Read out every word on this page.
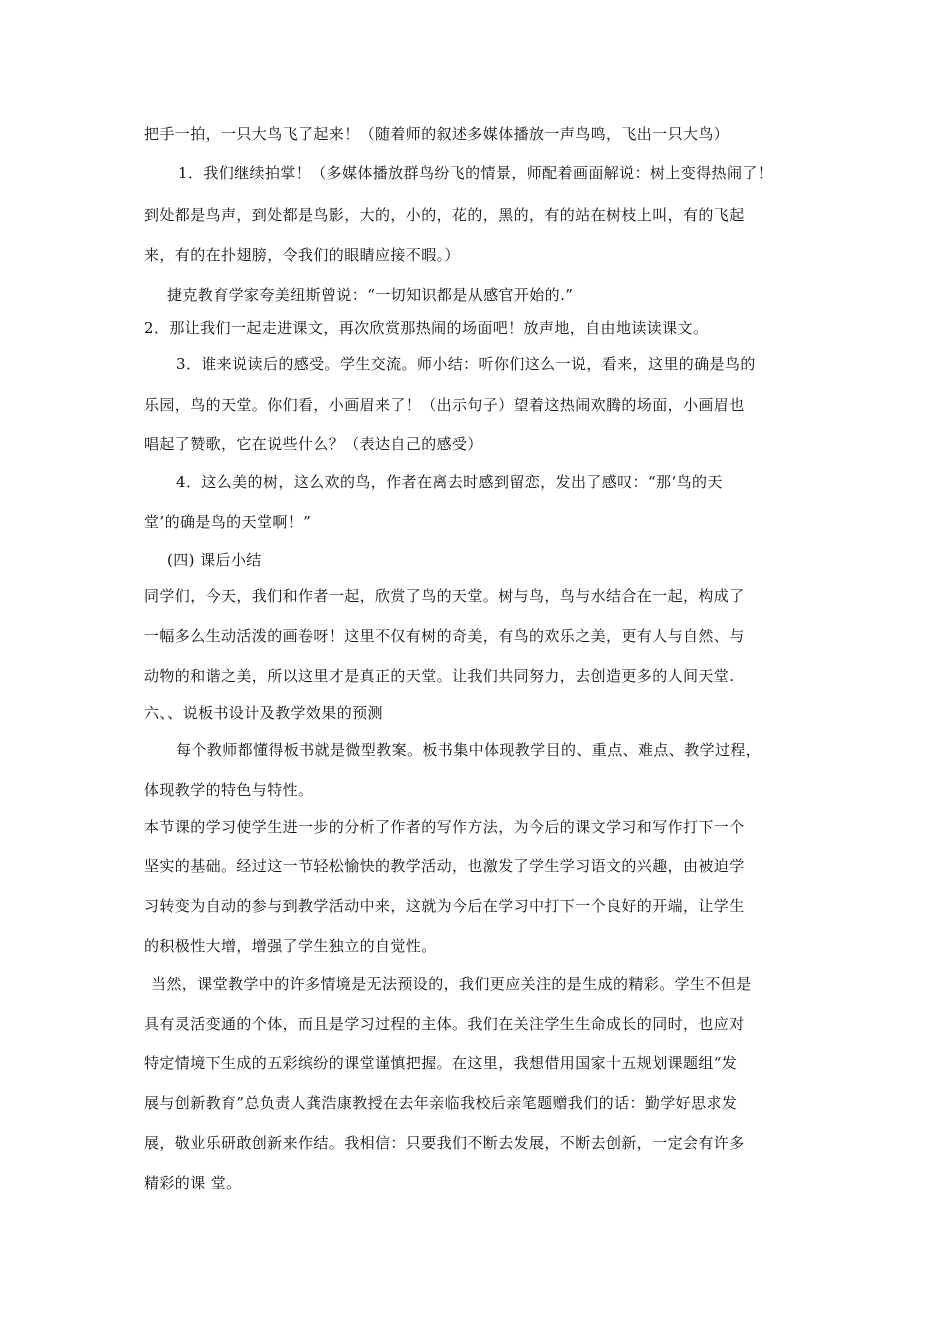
把手一拍，一只大鸟飞了起来！（随着师的叙述多媒体播放一声鸟鸣，飞出一只大鸟）
1．我们继续拍掌！（多媒体播放群鸟纷飞的情景，师配着画面解说：树上变得热闹了！
到处都是鸟声，到处都是鸟影，大的，小的，花的，黑的，有的站在树枝上叫，有的飞起
来，有的在扑翅膀，令我们的眼睛应接不暇。）
捷克教育学家夸美纽斯曾说：“一切知识都是从感官开始的.”
2．那让我们一起走进课文，再次欣赏那热闹的场面吧！放声地，自由地读读课文。
3．谁来说读后的感受。学生交流。师小结：听你们这么一说，看来，这里的确是鸟的
乐园，鸟的天堂。你们看，小画眉来了！（出示句子）望着这热闹欢腾的场面，小画眉也
唱起了赞歌，它在说些什么？（表达自己的感受）
4．这么美的树，这么欢的鸟，作者在离去时感到留恋，发出了感叹：“那‘鸟的天
堂’的确是鸟的天堂啊！”
(四) 课后小结
同学们，今天，我们和作者一起，欣赏了鸟的天堂。树与鸟，鸟与水结合在一起，构成了
一幅多么生动活泼的画卷呀！这里不仅有树的奇美，有鸟的欢乐之美，更有人与自然、与
动物的和谐之美，所以这里才是真正的天堂。让我们共同努力，去创造更多的人间天堂.
六、、说板书设计及教学效果的预测
每个教师都懂得板书就是微型教案。板书集中体现教学目的、重点、难点、教学过程，
体现教学的特色与特性。
本节课的学习使学生进一步的分析了作者的写作方法，为今后的课文学习和写作打下一个
坚实的基础。经过这一节轻松愉快的教学活动，也激发了学生学习语文的兴趣，由被迫学
习转变为自动的参与到教学活动中来，这就为今后在学习中打下一个良好的开端，让学生
的积极性大增，增强了学生独立的自觉性。
当然，课堂教学中的许多情境是无法预设的，我们更应关注的是生成的精彩。学生不但是
具有灵活变通的个体，而且是学习过程的主体。我们在关注学生生命成长的同时，也应对
特定情境下生成的五彩缤纷的课堂谨慎把握。在这里，我想借用国家十五规划课题组“发
展与创新教育”总负责人龚浩康教授在去年亲临我校后亲笔题赠我们的话：勤学好思求发
展，敬业乐研敢创新来作结。我相信：只要我们不断去发展，不断去创新，一定会有许多
精彩的课 堂。
